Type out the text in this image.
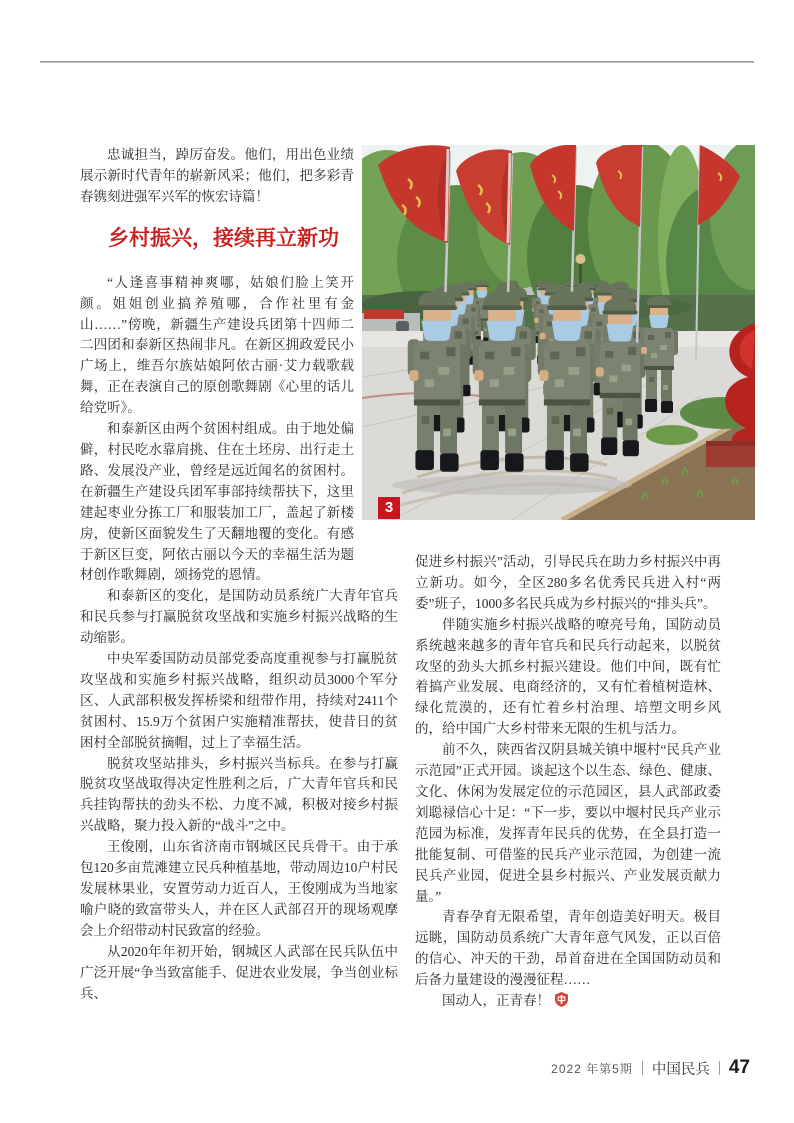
忠诚担当，踔厉奋发。他们，用出色业绩展示新时代青年的崭新风采；他们，把多彩青春镌刻进强军兴军的恢宏诗篇！

乡村振兴，接续再立新功

“人逢喜事精神爽哪，姑娘们脸上笑开颜。姐姐创业搞养殖哪，合作社里有金山……”傍晚，新疆生产建设兵团第十四师二二四团和泰新区热闹非凡。在新区拥政爱民小广场上，维吾尔族姑娘阿依古丽·艾力载歌载舞，正在表演自己的原创歌舞剧《心里的话儿给党听》。

和泰新区由两个贫困村组成。由于地处偏僻，村民吃水靠肩挑、住在土坯房、出行走土路、发展没产业，曾经是远近闻名的贫困村。在新疆生产建设兵团军事部持续帮扶下，这里建起枣业分拣工厂和服装加工厂，盖起了新楼房，使新区面貌发生了天翻地覆的变化。有感于新区巨变，阿依古丽以今天的幸福生活为题材创作歌舞剧，颂扬党的恩情。

和泰新区的变化，是国防动员系统广大青年官兵和民兵参与打赢脱贫攻坚战和实施乡村振兴战略的生动缩影。

中央军委国防动员部党委高度重视参与打赢脱贫攻坚战和实施乡村振兴战略，组织动员3000个军分区、人武部积极发挥桥梁和纽带作用，持续对2411个贫困村、15.9万个贫困户实施精准帮扶，使昔日的贫困村全部脱贫摘帽，过上了幸福生活。

脱贫攻坚站排头，乡村振兴当标兵。在参与打赢脱贫攻坚战取得决定性胜利之后，广大青年官兵和民兵挂钩帮扶的劲头不松、力度不减，积极对接乡村振兴战略，聚力投入新的“战斗”之中。

王俊刚，山东省济南市钢城区民兵骨干。由于承包120多亩荒滩建立民兵种植基地，带动周边10户村民发展林果业，安置劳动力近百人，王俊刚成为当地家喻户晓的致富带头人，并在区人武部召开的现场观摩会上介绍带动村民致富的经验。

从2020年年初开始，钢城区人武部在民兵队伍中广泛开展“争当致富能手、促进农业发展，争当创业标兵、

促进乡村振兴”活动，引导民兵在助力乡村振兴中再立新功。如今，全区280多名优秀民兵进入村“两委”班子，1000多名民兵成为乡村振兴的“排头兵”。

伴随实施乡村振兴战略的嘹亮号角，国防动员系统越来越多的青年官兵和民兵行动起来，以脱贫攻坚的劲头大抓乡村振兴建设。他们中间，既有忙着搞产业发展、电商经济的，又有忙着植树造林、绿化荒漠的，还有忙着乡村治理、培塑文明乡风的，给中国广大乡村带来无限的生机与活力。

前不久，陕西省汉阴县城关镇中堰村“民兵产业示范园”正式开园。谈起这个以生态、绿色、健康、文化、休闲为发展定位的示范园区，县人武部政委刘聪禄信心十足：“下一步，要以中堰村民兵产业示范园为标准，发挥青年民兵的优势，在全县打造一批能复制、可借鉴的民兵产业示范园，为创建一流民兵产业园，促进全县乡村振兴、产业发展贡献力量。”

青春孕育无限希望，青年创造美好明天。极目远眺，国防动员系统广大青年意气风发，正以百倍的信心、冲天的干劲，昂首奋进在全国国防动员和后备力量建设的漫漫征程……

国动人，正青春！

3
2022 年第5期 中国民兵 47
